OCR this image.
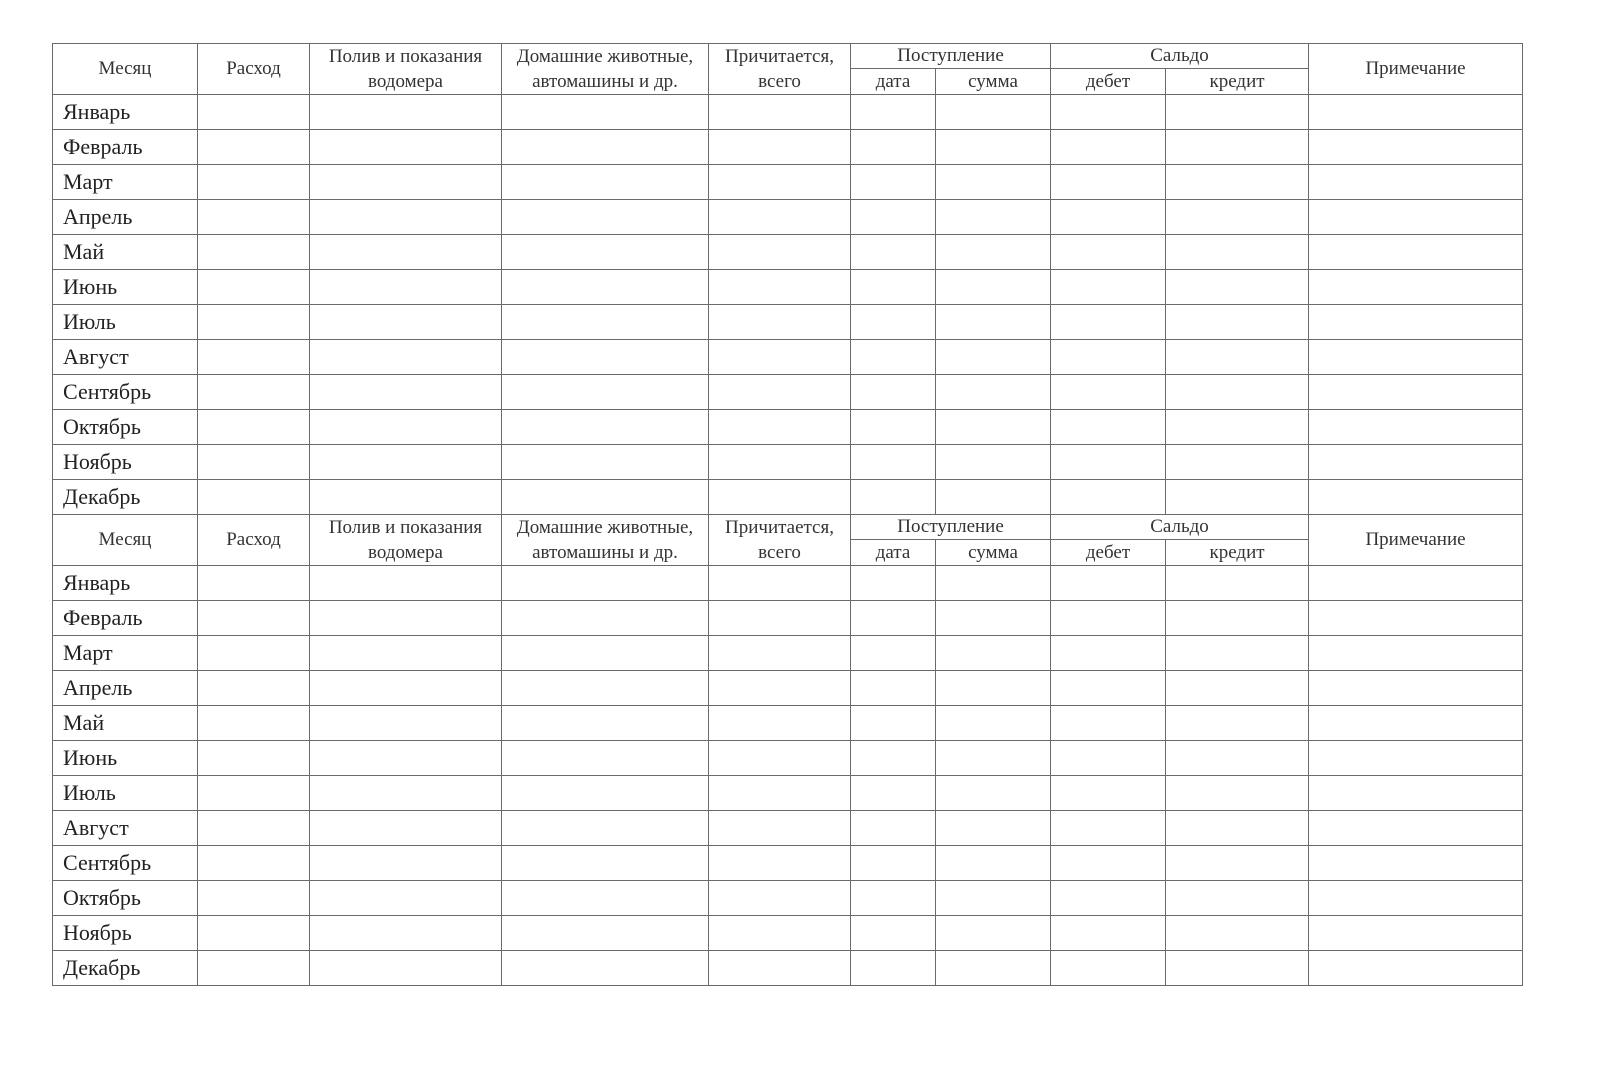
Месяц	Расход	Полив и показания водомера	Домашние животные, автомашины и др.	Причитается, всего	Поступление		Сальдо		Примечание
					дата	сумма	дебет	кредит	
Январь									
Февраль									
Март									
Апрель									
Май									
Июнь									
Июль									
Август									
Сентябрь									
Октябрь									
Ноябрь									
Декабрь									
Месяц	Расход	Полив и показания водомера	Домашние животные, автомашины и др.	Причитается, всего	Поступление		Сальдо		Примечание
					дата	сумма	дебет	кредит	
Январь									
Февраль									
Март									
Апрель									
Май									
Июнь									
Июль									
Август									
Сентябрь									
Октябрь									
Ноябрь									
Декабрь									
